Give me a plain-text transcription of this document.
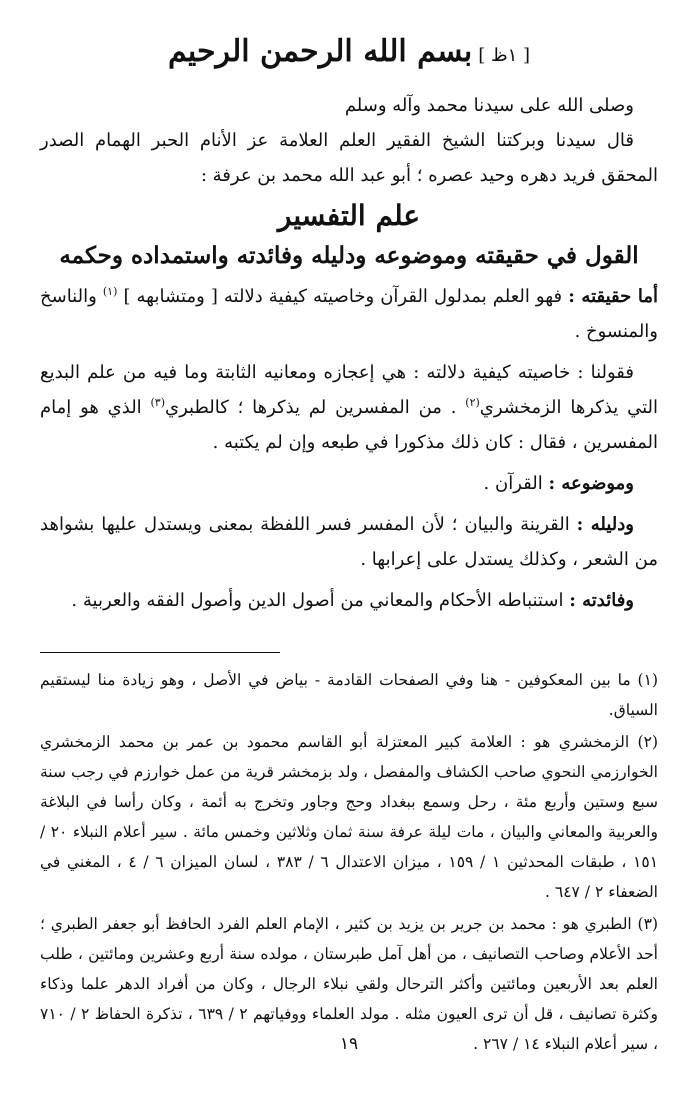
[ ١ظ ]بسم الله الرحمن الرحيم

وصلى الله على سيدنا محمد وآله وسلم

قال سيدنا وبركتنا الشيخ الفقير العلم العلامة عز الأنام الحبر الهمام الصدر المحقق فريد دهره وحيد عصره ؛ أبو عبد الله محمد بن عرفة :

علم التفسير
القول في حقيقته وموضوعه ودليله وفائدته واستمداده وحكمه

أما حقيقته : فهو العلم بمدلول القرآن وخاصيته كيفية دلالته [ ومتشابهه ] $^{(١)}$ والناسخ والمنسوخ .

فقولنا : خاصيته كيفية دلالته : هي إعجازه ومعانيه الثابتة وما فيه من علم البديع التي يذكرها الزمخشري$^{(٢)}$ . من المفسرين لم يذكرها ؛ كالطبري$^{(٣)}$ الذي هو إمام المفسرين ، فقال : كان ذلك مذكورا في طبعه وإن لم يكتبه .

وموضوعه : القرآن .

ودليله : القرينة والبيان ؛ لأن المفسر فسر اللفظة بمعنى ويستدل عليها بشواهد من الشعر ، وكذلك يستدل على إعرابها .

وفائدته : استنباطه الأحكام والمعاني من أصول الدين وأصول الفقه والعربية .

(١) ما بين المعكوفين - هنا وفي الصفحات القادمة - بياض في الأصل ، وهو زيادة منا ليستقيم السياق.

(٢) الزمخشري هو : العلامة كبير المعتزلة أبو القاسم محمود بن عمر بن محمد الزمخشري الخوارزمي النحوي صاحب الكشاف والمفصل ، ولد بزمخشر قرية من عمل خوارزم في رجب سنة سبع وستين وأربع مئة ، رحل وسمع ببغداد وحج وجاور وتخرج به أئمة ، وكان رأسا في البلاغة والعربية والمعاني والبيان ، مات ليلة عرفة سنة ثمان وثلاثين وخمس مائة . سير أعلام النبلاء ٢٠ / ١٥١ ، طبقات المحدثين ١ / ١٥٩ ، ميزان الاعتدال ٦ / ٣٨٣ ، لسان الميزان ٦ / ٤ ، المغني في الضعفاء ٢ / ٦٤٧ .

(٣) الطبري هو : محمد بن جرير بن يزيد بن كثير ، الإمام العلم الفرد الحافظ أبو جعفر الطبري ؛ أحد الأعلام وصاحب التصانيف ، من أهل آمل طبرستان ، مولده سنة أربع وعشرين ومائتين ، طلب العلم بعد الأربعين ومائتين وأكثر الترحال ولقي نبلاء الرجال ، وكان من أفراد الدهر علما وذكاء وكثرة تصانيف ، قل أن ترى العيون مثله . مولد العلماء ووفياتهم ٢ / ٦٣٩ ، تذكرة الحفاظ ٢ / ٧١٠ ، سير أعلام النبلاء ١٤ / ٢٦٧ .

١٩
